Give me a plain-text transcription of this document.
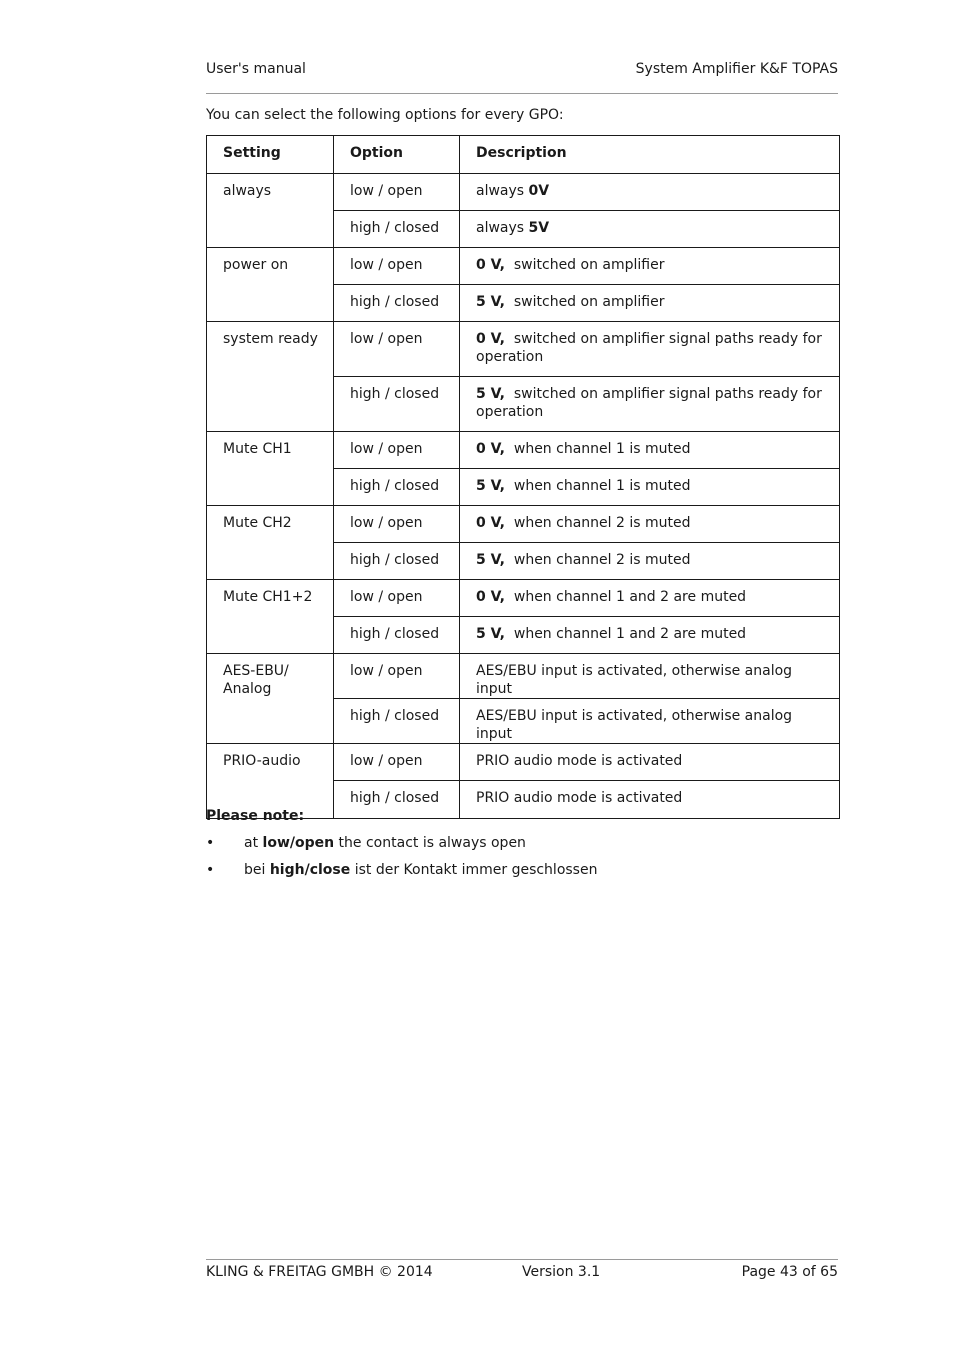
User's manual	System Amplifier K&F TOPAS
You can select the following options for every GPO:
Setting	Option	Description
always	low / open	always 0V
	high / closed	always 5V
power on	low / open	0 V,  switched on amplifier
	high / closed	5 V,  switched on amplifier
system ready	low / open	0 V,  switched on amplifier signal paths ready for operation
	high / closed	5 V,  switched on amplifier signal paths ready for operation
Mute CH1	low / open	0 V,  when channel 1 is muted
	high / closed	5 V,  when channel 1 is muted
Mute CH2	low / open	0 V,  when channel 2 is muted
	high / closed	5 V,  when channel 2 is muted
Mute CH1+2	low / open	0 V,  when channel 1 and 2 are muted
	high / closed	5 V,  when channel 1 and 2 are muted
AES-EBU/ Analog	low / open	AES/EBU input is activated, otherwise analog input
	high / closed	AES/EBU input is activated, otherwise analog input
PRIO-audio	low / open	PRIO audio mode is activated
	high / closed	PRIO audio mode is activated
Please note:
• at low/open the contact is always open
• bei high/close ist der Kontakt immer geschlossen
KLING & FREITAG GMBH © 2014	Version 3.1	Page 43 of 65
